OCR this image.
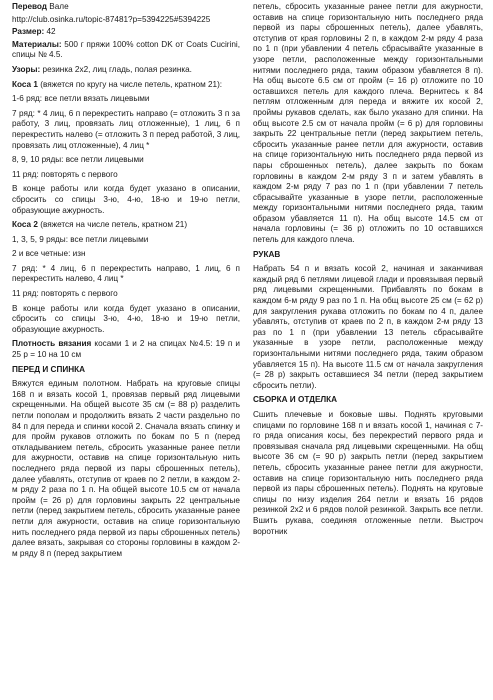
Перевод Вале

http://club.osinka.ru/topic-87481?p=5394225#5394225

Размер: 42

Материалы: 500 г пряжи 100% cotton DK от Coats Cucirini, спицы № 4.5.

Узоры: резинка 2х2, лиц гладь, полая резинка.

Коса 1 (вяжется по кругу на числе петель, кратном 21):

1-6 ряд: все петли вязать лицевыми

7 ряд: * 4 лиц, 6 п перекрестить направо (= отложить 3 п за работу, 3 лиц, провязать лиц отложенные), 1 лиц, 6 п перекрестить налево (= отложить 3 п перед работой, 3 лиц, провязать лиц отложенные), 4 лиц *

8, 9, 10 ряды: все петли лицевыми

11 ряд: повторять с первого

В конце работы или когда будет указано в описании, сбросить со спицы 3-ю, 4-ю, 18-ю и 19-ю петли, образующие ажурность.

Коса 2 (вяжется на числе петель, кратном 21)

1, 3, 5, 9 ряды: все петли лицевыми

2 и все четные: изн

7 ряд: * 4 лиц, 6 п перекрестить направо, 1 лиц, 6 п перекрестить налево, 4 лиц *

11 ряд: повторять с первого

В конце работы или когда будет указано в описании, сбросить со спицы 3-ю, 4-ю, 18-ю и 19-ю петли, образующие ажурность.

Плотность вязания косами 1 и 2 на спицах №4.5: 19 п и 25 р = 10 на 10 см

ПЕРЕД И СПИНКА

Вяжутся единым полотном. Набрать на круговые спицы 168 п и вязать косой 1, провязав первый ряд лицевыми скрещенными. На общей высоте 35 см (= 88 р) разделить петли пополам и продолжить вязать 2 части раздельно по 84 п для переда и спинки косой 2. Сначала вязать спинку и для пройм рукавов отложить по бокам по 5 п (перед откладыванием петель, сбросить указанные ранее петли для ажурности, оставив на спице горизонтальную нить последнего ряда первой из пары сброшенных петель), далее убавлять, отступив от краев по 2 петли, в каждом 2-м ряду 2 раза по 1 п. На общей высоте 10.5 см от начала пройм (= 26 р) для горловины закрыть 22 центральные петли (перед закрытием петель, сбросить указанные ранее петли для ажурности, оставив на спице горизонтальную нить последнего ряда первой из пары сброшенных петель) далее вязать, закрывая со стороны горловины в каждом 2-м ряду 8 п (перед закрытием

петель, сбросить указанные ранее петли для ажурности, оставив на спице горизонтальную нить последнего ряда первой из пары сброшенных петель), далее убавлять, отступив от края горловины 2 п, в каждом 2-м ряду 4 раза по 1 п (при убавлении 4 петель сбрасывайте указанные в узоре петли, расположенные между горизонтальными нитями последнего ряда, таким образом убавляется 8 п). На общ высоте 6.5 см от пройм (= 16 р) отложите по 10 оставшихся петель для каждого плеча. Вернитесь к 84 петлям отложенным для переда и вяжите их косой 2, проймы рукавов сделать, как было указано для спинки. На общ высоте 2.5 см от начала пройм (= 6 р) для горловины закрыть 22 центральные петли (перед закрытием петель, сбросить указанные ранее петли для ажурности, оставив на спице горизонтальную нить последнего ряда первой из пары сброшенных петель), далее закрыть по бокам горловины в каждом 2-м ряду 3 п и затем убавлять в каждом 2-м ряду 7 раз по 1 п (при убавлении 7 петель сбрасывайте указанные в узоре петли, расположенные между горизонтальными нитями последнего ряда, таким образом убавляется 11 п). На общ высоте 14.5 см от начала горловины (= 36 р) отложить по 10 оставшихся петель для каждого плеча.

РУКАВ

Набрать 54 п и вязать косой 2, начиная и заканчивая каждый ряд 6 петлями лицевой глади и провязывая первый ряд лицевыми скрещенными. Прибавлять по бокам в каждом 6-м ряду 9 раз по 1 п. На общ высоте 25 см (= 62 р) для закругления рукава отложить по бокам по 4 п, далее убавлять, отступив от краев по 2 п, в каждом 2-м ряду 13 раз по 1 п (при убавлении 13 петель сбрасывайте указанные в узоре петли, расположенные между горизонтальными нитями последнего ряда, таким образом убавляется 15 п). На высоте 11.5 см от начала закругления (= 28 р) закрыть оставшиеся 34 петли (перед закрытием сбросить петли).

СБОРКА И ОТДЕЛКА

Сшить плечевые и боковые швы. Поднять круговыми спицами по горловине 168 п и вязать косой 1, начиная с 7-го ряда описания косы, без перекрестий первого ряда и провязывая сначала ряд лицевыми скрещенными. На общ высоте 36 см (= 90 р) закрыть петли (перед закрытием петель, сбросить указанные ранее петли для ажурности, оставив на спице горизонтальную нить последнего ряда первой из пары сброшенных петель). Поднять на круговые спицы по низу изделия 264 петли и вязать 16 рядов резинкой 2х2 и 6 рядов полой резинкой. Закрыть все петли. Вшить рукава, соединяя отложенные петли. Выстроч воротник
